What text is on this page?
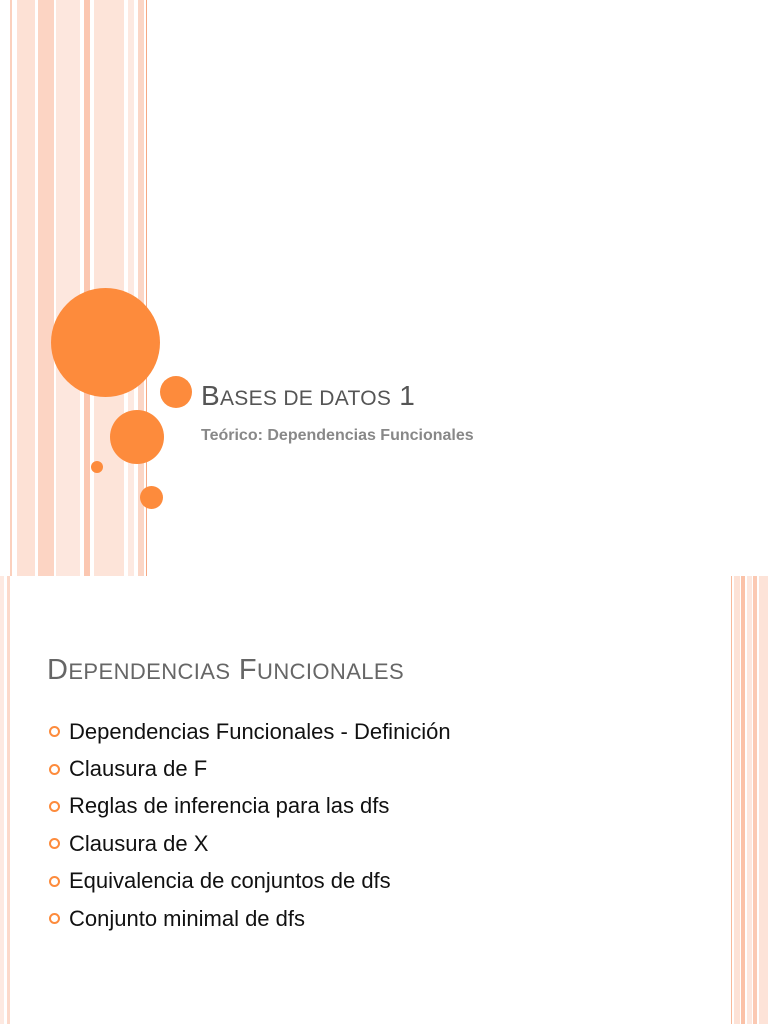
BASES DE DATOS 1
Teórico: Dependencias Funcionales
DEPENDENCIAS FUNCIONALES
Dependencias Funcionales - Definición
Clausura de F
Reglas de inferencia para las dfs
Clausura de X
Equivalencia de conjuntos de dfs
Conjunto minimal de dfs
